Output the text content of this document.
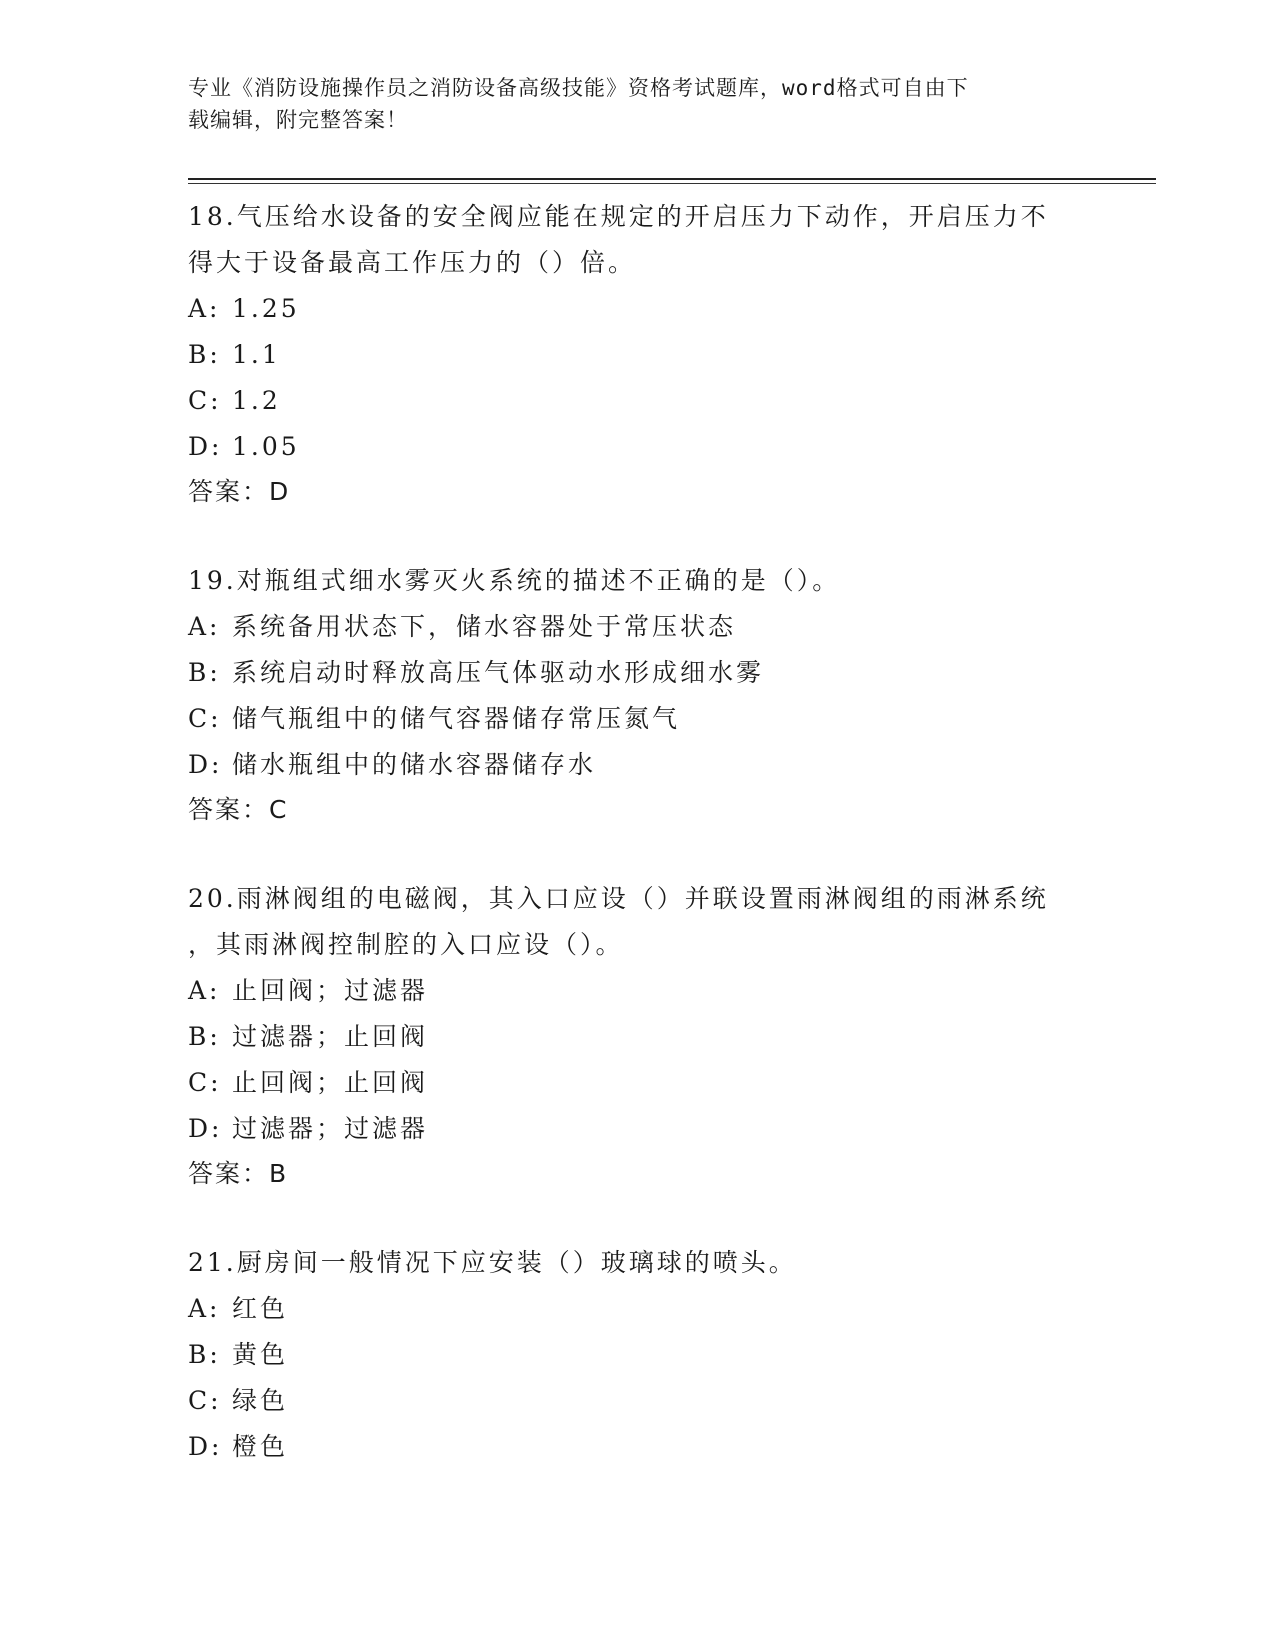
专业《消防设施操作员之消防设备高级技能》资格考试题库，word格式可自由下
载编辑，附完整答案！
18.气压给水设备的安全阀应能在规定的开启压力下动作，开启压力不
得大于设备最高工作压力的（）倍。
A: 1.25
B: 1.1
C: 1.2
D: 1.05
答案：D
19.对瓶组式细水雾灭火系统的描述不正确的是（）。
A: 系统备用状态下，储水容器处于常压状态
B: 系统启动时释放高压气体驱动水形成细水雾
C: 储气瓶组中的储气容器储存常压氮气
D: 储水瓶组中的储水容器储存水
答案：C
20.雨淋阀组的电磁阀，其入口应设（）并联设置雨淋阀组的雨淋系统
，其雨淋阀控制腔的入口应设（）。
A: 止回阀；过滤器
B: 过滤器；止回阀
C: 止回阀；止回阀
D: 过滤器；过滤器
答案：B
21.厨房间一般情况下应安装（）玻璃球的喷头。
A: 红色
B: 黄色
C: 绿色
D: 橙色
